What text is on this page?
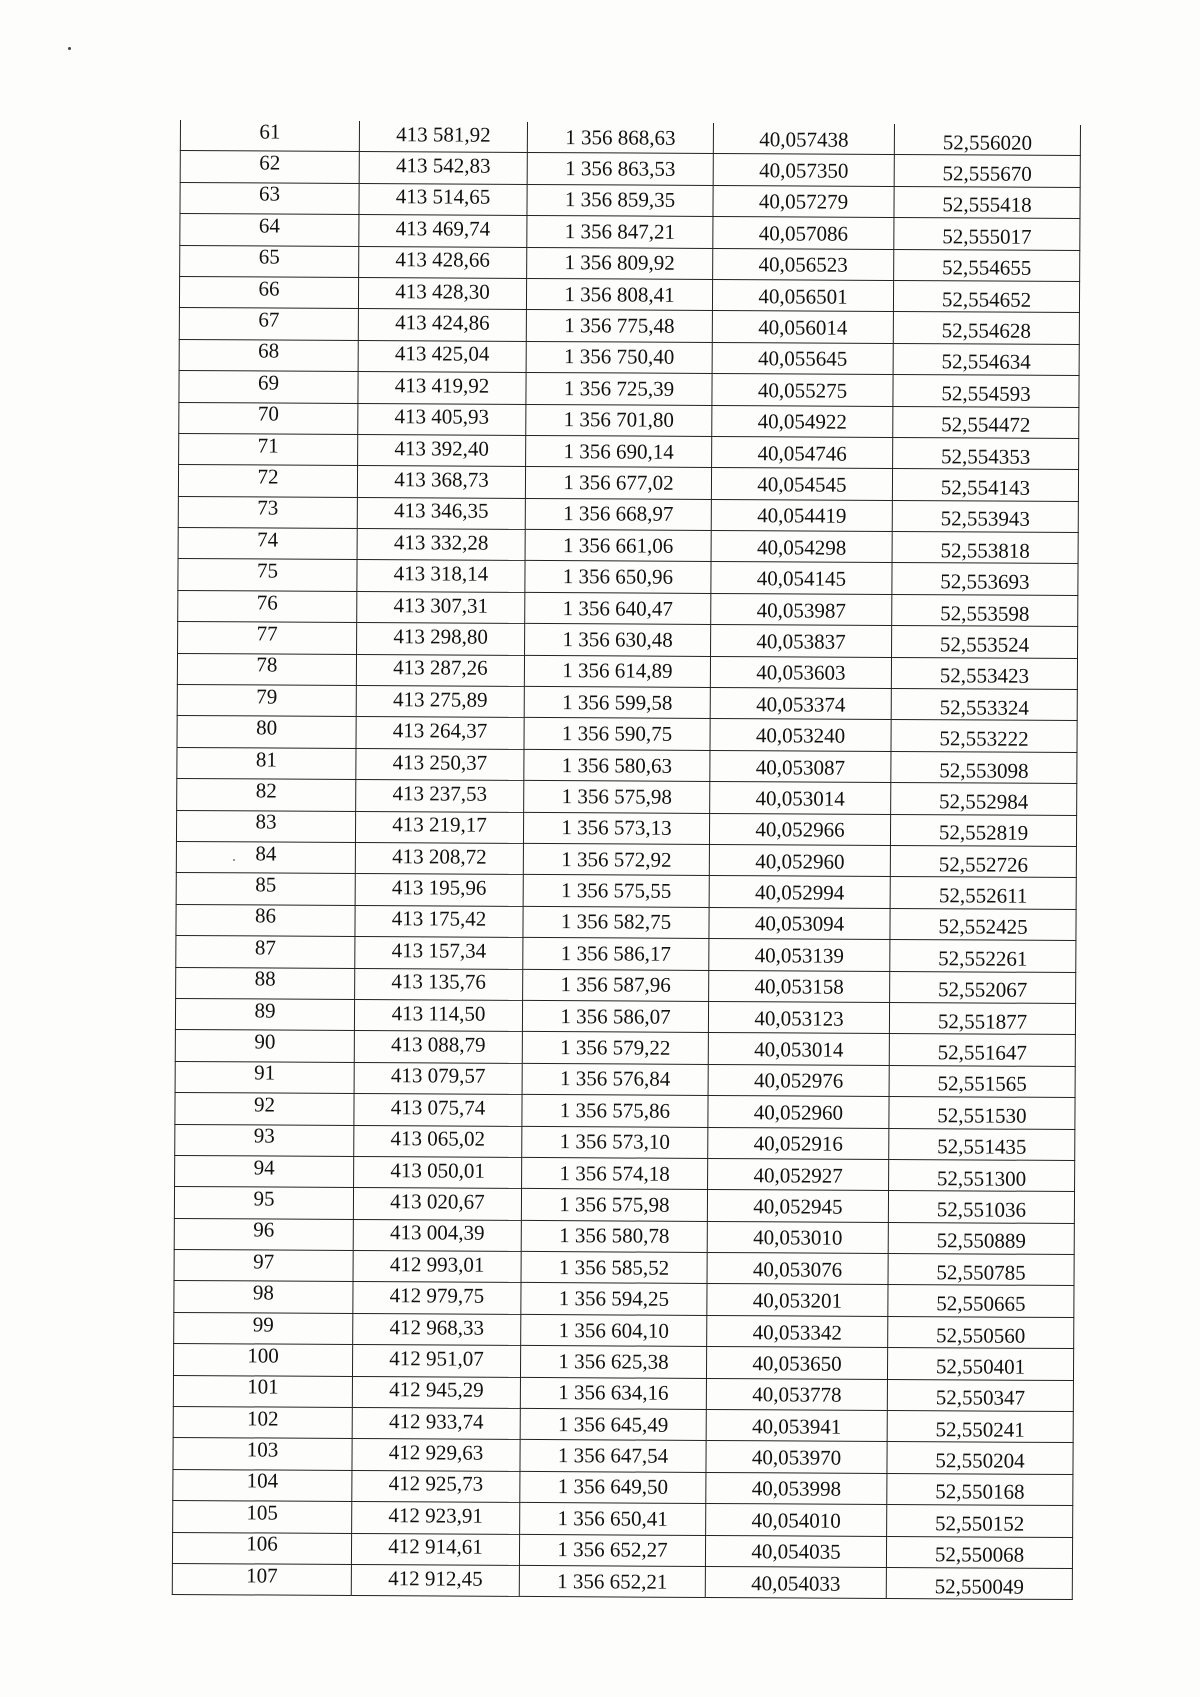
61	413 581,92	1 356 868,63	40,057438	52,556020
62	413 542,83	1 356 863,53	40,057350	52,555670
63	413 514,65	1 356 859,35	40,057279	52,555418
64	413 469,74	1 356 847,21	40,057086	52,555017
65	413 428,66	1 356 809,92	40,056523	52,554655
66	413 428,30	1 356 808,41	40,056501	52,554652
67	413 424,86	1 356 775,48	40,056014	52,554628
68	413 425,04	1 356 750,40	40,055645	52,554634
69	413 419,92	1 356 725,39	40,055275	52,554593
70	413 405,93	1 356 701,80	40,054922	52,554472
71	413 392,40	1 356 690,14	40,054746	52,554353
72	413 368,73	1 356 677,02	40,054545	52,554143
73	413 346,35	1 356 668,97	40,054419	52,553943
74	413 332,28	1 356 661,06	40,054298	52,553818
75	413 318,14	1 356 650,96	40,054145	52,553693
76	413 307,31	1 356 640,47	40,053987	52,553598
77	413 298,80	1 356 630,48	40,053837	52,553524
78	413 287,26	1 356 614,89	40,053603	52,553423
79	413 275,89	1 356 599,58	40,053374	52,553324
80	413 264,37	1 356 590,75	40,053240	52,553222
81	413 250,37	1 356 580,63	40,053087	52,553098
82	413 237,53	1 356 575,98	40,053014	52,552984
83	413 219,17	1 356 573,13	40,052966	52,552819
84	413 208,72	1 356 572,92	40,052960	52,552726
85	413 195,96	1 356 575,55	40,052994	52,552611
86	413 175,42	1 356 582,75	40,053094	52,552425
87	413 157,34	1 356 586,17	40,053139	52,552261
88	413 135,76	1 356 587,96	40,053158	52,552067
89	413 114,50	1 356 586,07	40,053123	52,551877
90	413 088,79	1 356 579,22	40,053014	52,551647
91	413 079,57	1 356 576,84	40,052976	52,551565
92	413 075,74	1 356 575,86	40,052960	52,551530
93	413 065,02	1 356 573,10	40,052916	52,551435
94	413 050,01	1 356 574,18	40,052927	52,551300
95	413 020,67	1 356 575,98	40,052945	52,551036
96	413 004,39	1 356 580,78	40,053010	52,550889
97	412 993,01	1 356 585,52	40,053076	52,550785
98	412 979,75	1 356 594,25	40,053201	52,550665
99	412 968,33	1 356 604,10	40,053342	52,550560
100	412 951,07	1 356 625,38	40,053650	52,550401
101	412 945,29	1 356 634,16	40,053778	52,550347
102	412 933,74	1 356 645,49	40,053941	52,550241
103	412 929,63	1 356 647,54	40,053970	52,550204
104	412 925,73	1 356 649,50	40,053998	52,550168
105	412 923,91	1 356 650,41	40,054010	52,550152
106	412 914,61	1 356 652,27	40,054035	52,550068
107	412 912,45	1 356 652,21	40,054033	52,550049
